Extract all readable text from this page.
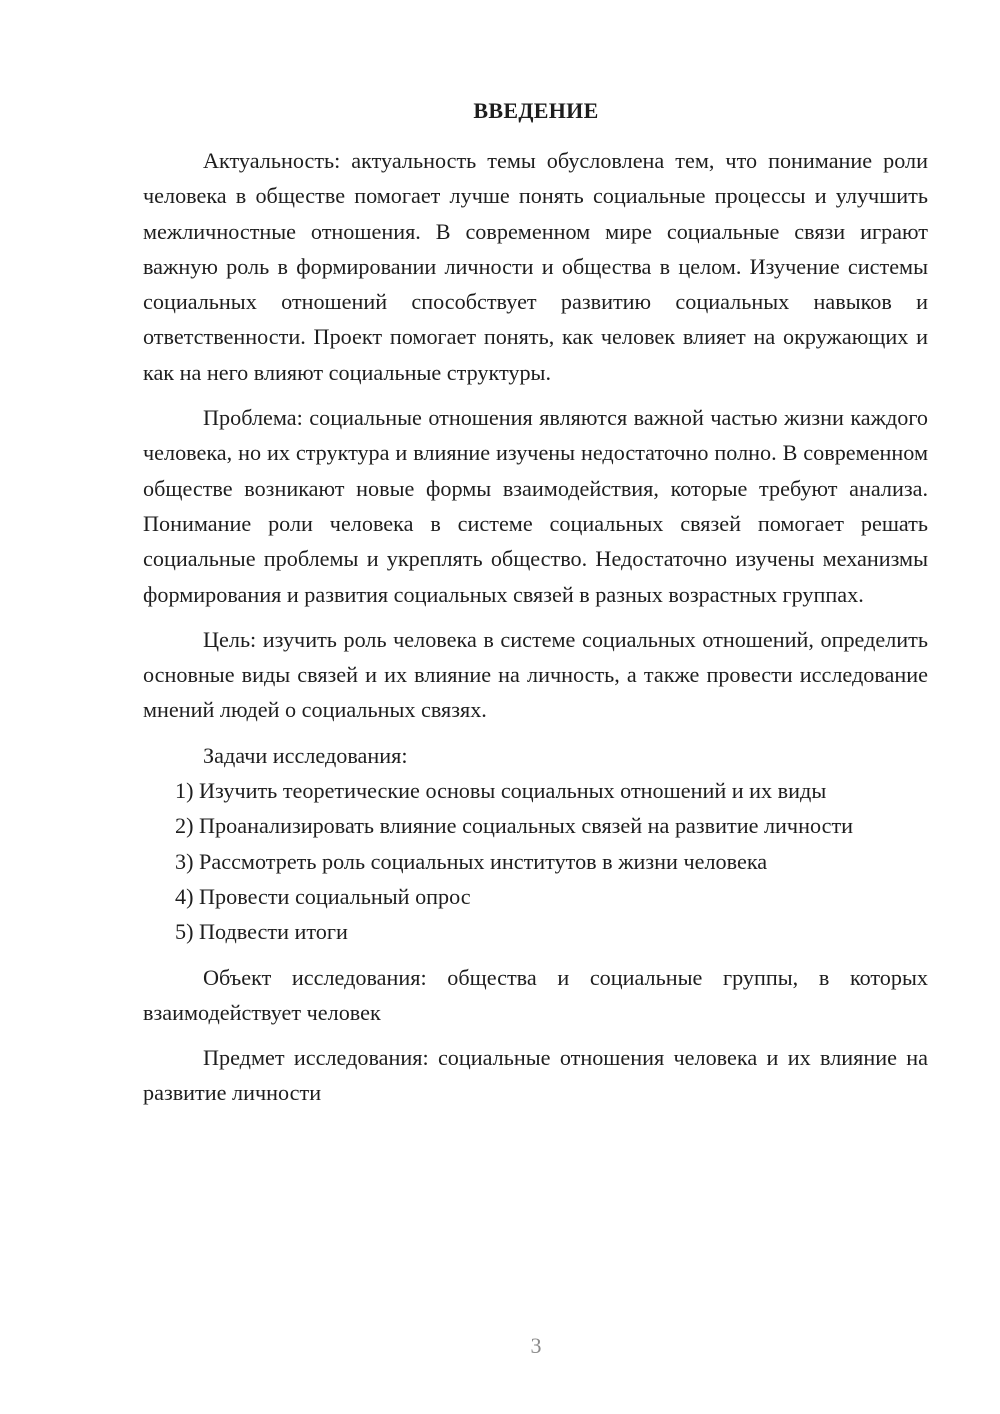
ВВЕДЕНИЕ

Актуальность: актуальность темы обусловлена тем, что понимание роли человека в обществе помогает лучше понять социальные процессы и улучшить межличностные отношения. В современном мире социальные связи играют важную роль в формировании личности и общества в целом. Изучение системы социальных отношений способствует развитию социальных навыков и ответственности. Проект помогает понять, как человек влияет на окружающих и как на него влияют социальные структуры.

Проблема: социальные отношения являются важной частью жизни каждого человека, но их структура и влияние изучены недостаточно полно. В современном обществе возникают новые формы взаимодействия, которые требуют анализа. Понимание роли человека в системе социальных связей помогает решать социальные проблемы и укреплять общество. Недостаточно изучены механизмы формирования и развития социальных связей в разных возрастных группах.

Цель: изучить роль человека в системе социальных отношений, определить основные виды связей и их влияние на личность, а также провести исследование мнений людей о социальных связях.

Задачи исследования:

1) Изучить теоретические основы социальных отношений и их виды

2) Проанализировать влияние социальных связей на развитие личности

3) Рассмотреть роль социальных институтов в жизни человека

4) Провести социальный опрос

5) Подвести итоги

Объект исследования: общества и социальные группы, в которых взаимодействует человек

Предмет исследования: социальные отношения человека и их влияние на развитие личности

3
